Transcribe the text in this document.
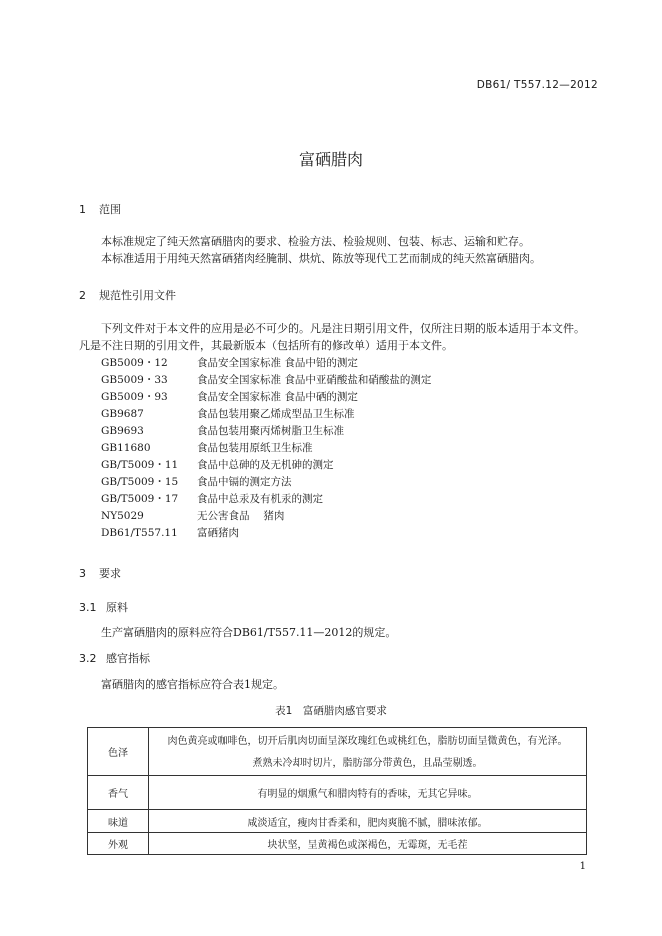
DB61/ T557.12—2012
富硒腊肉
1 范围
本标准规定了纯天然富硒腊肉的要求、检验方法、检验规则、包装、标志、运输和贮存。
本标准适用于用纯天然富硒猪肉经腌制、烘炕、陈放等现代工艺而制成的纯天然富硒腊肉。
2 规范性引用文件
下列文件对于本文件的应用是必不可少的。凡是注日期引用文件，仅所注日期的版本适用于本文件。
凡是不注日期的引用文件，其最新版本（包括所有的修改单）适用于本文件。
GB5009・12	食品安全国家标准 食品中铅的测定
GB5009・33	食品安全国家标准 食品中亚硝酸盐和硝酸盐的测定
GB5009・93	食品安全国家标准 食品中硒的测定
GB9687	食品包装用聚乙烯成型品卫生标准
GB9693	食品包装用聚丙烯树脂卫生标准
GB11680	食品包装用原纸卫生标准
GB/T5009・11 食品中总砷的及无机砷的测定
GB/T5009・15 食品中镉的测定方法
GB/T5009・17 食品中总汞及有机汞的测定
NY5029	无公害食品　 猪肉
DB61/T557.11 富硒猪肉
3 要求
3.1 原料
生产富硒腊肉的原料应符合DB61/T557.11—2012的规定。
3.2 感官指标
富硒腊肉的感官指标应符合表1规定。
表1　富硒腊肉感官要求
色泽	肉色黄亮或咖啡色，切开后肌肉切面呈深玫瑰红色或桃红色，脂肪切面呈微黄色，有光泽。
煮熟未冷却时切片，脂肪部分带黄色，且晶莹剔透。

香气	有明显的烟熏气和腊肉特有的香味，无其它异味。
味道	咸淡适宜，瘦肉甘香柔和，肥肉爽脆不腻，腊味浓郁。
外观	块状坚，呈黄褐色或深褐色，无霉斑，无毛茬
1
